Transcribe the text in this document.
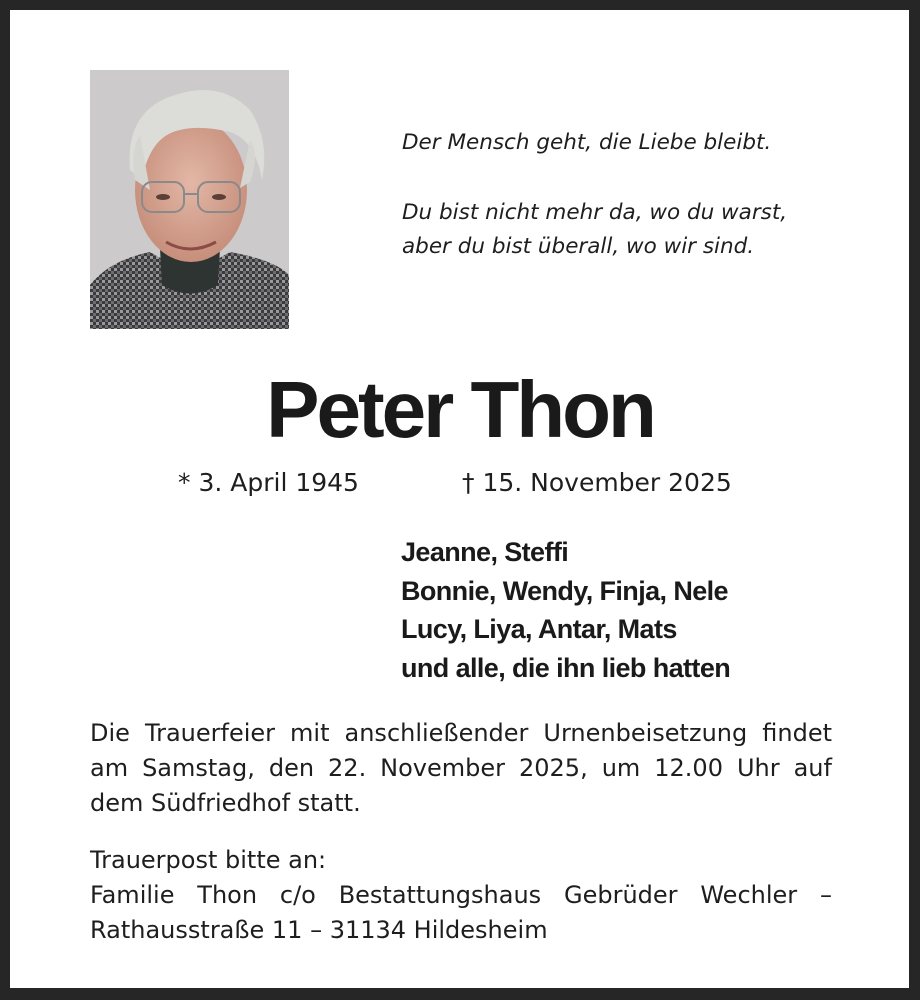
Der Mensch geht, die Liebe bleibt.
Du bist nicht mehr da, wo du warst,
aber du bist überall, wo wir sind.
Peter Thon
* 3. April 1945	† 15. November 2025
Jeanne, Steffi
Bonnie, Wendy, Finja, Nele
Lucy, Liya, Antar, Mats
und alle, die ihn lieb hatten
Die Trauerfeier mit anschließender Urnenbeisetzung findet
am Samstag, den 22. November 2025, um 12.00 Uhr auf
dem Südfriedhof statt.
Trauerpost bitte an:
Familie Thon c/o Bestattungshaus Gebrüder Wechler –
Rathausstraße 11 – 31134 Hildesheim
